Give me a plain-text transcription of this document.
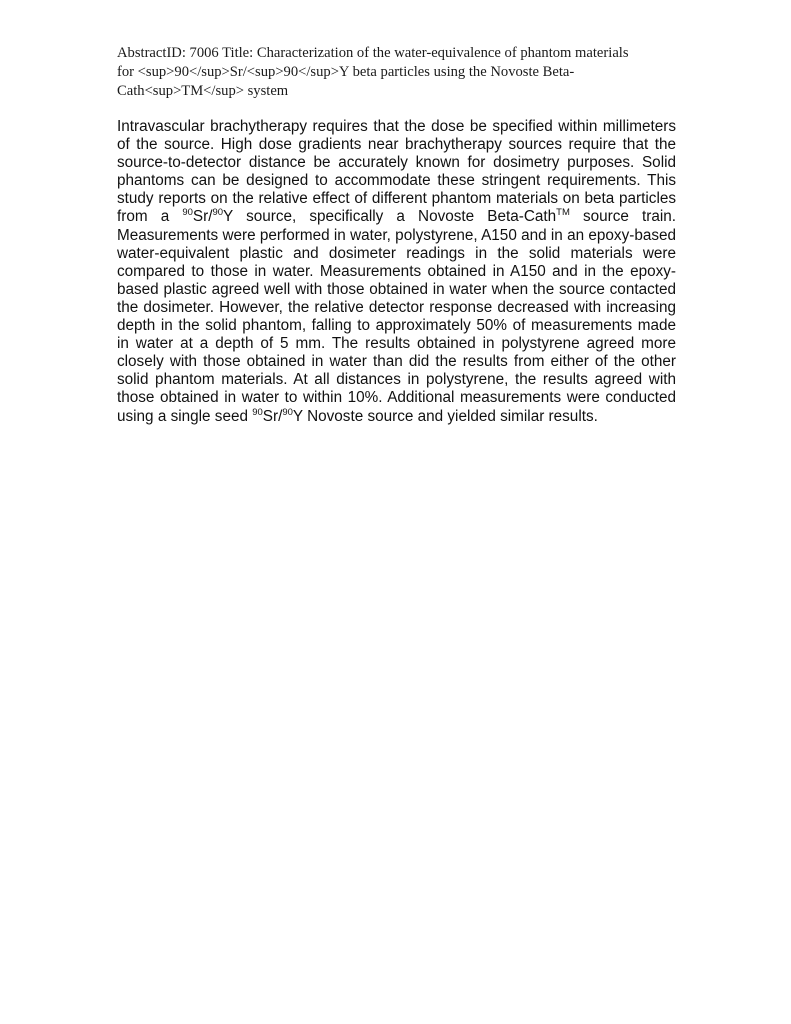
AbstractID: 7006 Title: Characterization of the water-equivalence of phantom materials
for <sup>90</sup>Sr/<sup>90</sup>Y beta particles using the Novoste Beta-
Cath<sup>TM</sup> system

Intravascular brachytherapy requires that the dose be specified within millimeters of the source. High dose gradients near brachytherapy sources require that the source-to-detector distance be accurately known for dosimetry purposes. Solid phantoms can be designed to accommodate these stringent requirements. This study reports on the relative effect of different phantom materials on beta particles from a $^{90}$Sr/$^{90}$Y source, specifically a Novoste Beta-Cath™ source train. Measurements were performed in water, polystyrene, A150 and in an epoxy-based water-equivalent plastic and dosimeter readings in the solid materials were compared to those in water. Measurements obtained in A150 and in the epoxy-based plastic agreed well with those obtained in water when the source contacted the dosimeter. However, the relative detector response decreased with increasing depth in the solid phantom, falling to approximately 50% of measurements made in water at a depth of 5 mm. The results obtained in polystyrene agreed more closely with those obtained in water than did the results from either of the other solid phantom materials. At all distances in polystyrene, the results agreed with those obtained in water to within 10%. Additional measurements were conducted using a single seed $^{90}$Sr/$^{90}$Y Novoste source and yielded similar results.
